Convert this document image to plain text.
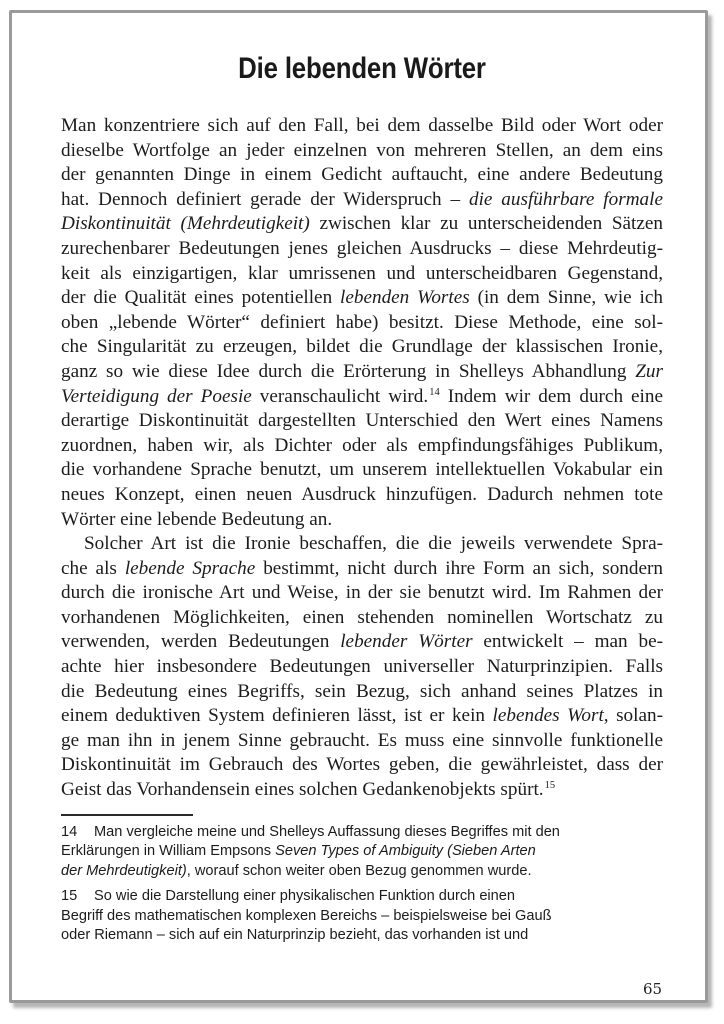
Die lebenden Wörter
Man konzentriere sich auf den Fall, bei dem dasselbe Bild oder Wort oder
dieselbe Wortfolge an jeder einzelnen von mehreren Stellen, an dem eins
der genannten Dinge in einem Gedicht auftaucht, eine andere Bedeutung
hat. Dennoch definiert gerade der Widerspruch – die ausführbare formale
Diskontinuität (Mehrdeutigkeit) zwischen klar zu unterscheidenden Sätzen
zurechenbarer Bedeutungen jenes gleichen Ausdrucks – diese Mehrdeutig-
keit als einzigartigen, klar umrissenen und unterscheidbaren Gegenstand,
der die Qualität eines potentiellen lebenden Wortes (in dem Sinne, wie ich
oben „lebende Wörter“ definiert habe) besitzt. Diese Methode, eine sol-
che Singularität zu erzeugen, bildet die Grundlage der klassischen Ironie,
ganz so wie diese Idee durch die Erörterung in Shelleys Abhandlung Zur
Verteidigung der Poesie veranschaulicht wird.$^{14}$ Indem wir dem durch eine
derartige Diskontinuität dargestellten Unterschied den Wert eines Namens
zuordnen, haben wir, als Dichter oder als empfindungsfähiges Publikum,
die vorhandene Sprache benutzt, um unserem intellektuellen Vokabular ein
neues Konzept, einen neuen Ausdruck hinzufügen. Dadurch nehmen tote
Wörter eine lebende Bedeutung an.
Solcher Art ist die Ironie beschaffen, die die jeweils verwendete Spra-
che als lebende Sprache bestimmt, nicht durch ihre Form an sich, sondern
durch die ironische Art und Weise, in der sie benutzt wird. Im Rahmen der
vorhandenen Möglichkeiten, einen stehenden nominellen Wortschatz zu
verwenden, werden Bedeutungen lebender Wörter entwickelt – man be-
achte hier insbesondere Bedeutungen universeller Naturprinzipien. Falls
die Bedeutung eines Begriffs, sein Bezug, sich anhand seines Platzes in
einem deduktiven System definieren lässt, ist er kein lebendes Wort, solan-
ge man ihn in jenem Sinne gebraucht. Es muss eine sinnvolle funktionelle
Diskontinuität im Gebrauch des Wortes geben, die gewährleistet, dass der
Geist das Vorhandensein eines solchen Gedankenobjekts spürt.$^{15}$
14 Man vergleiche meine und Shelleys Auffassung dieses Begriffes mit den
Erklärungen in William Empsons Seven Types of Ambiguity (Sieben Arten
der Mehrdeutigkeit), worauf schon weiter oben Bezug genommen wurde.
15 So wie die Darstellung einer physikalischen Funktion durch einen
Begriff des mathematischen komplexen Bereichs – beispielsweise bei Gauß
oder Riemann – sich auf ein Naturprinzip bezieht, das vorhanden ist und
65
